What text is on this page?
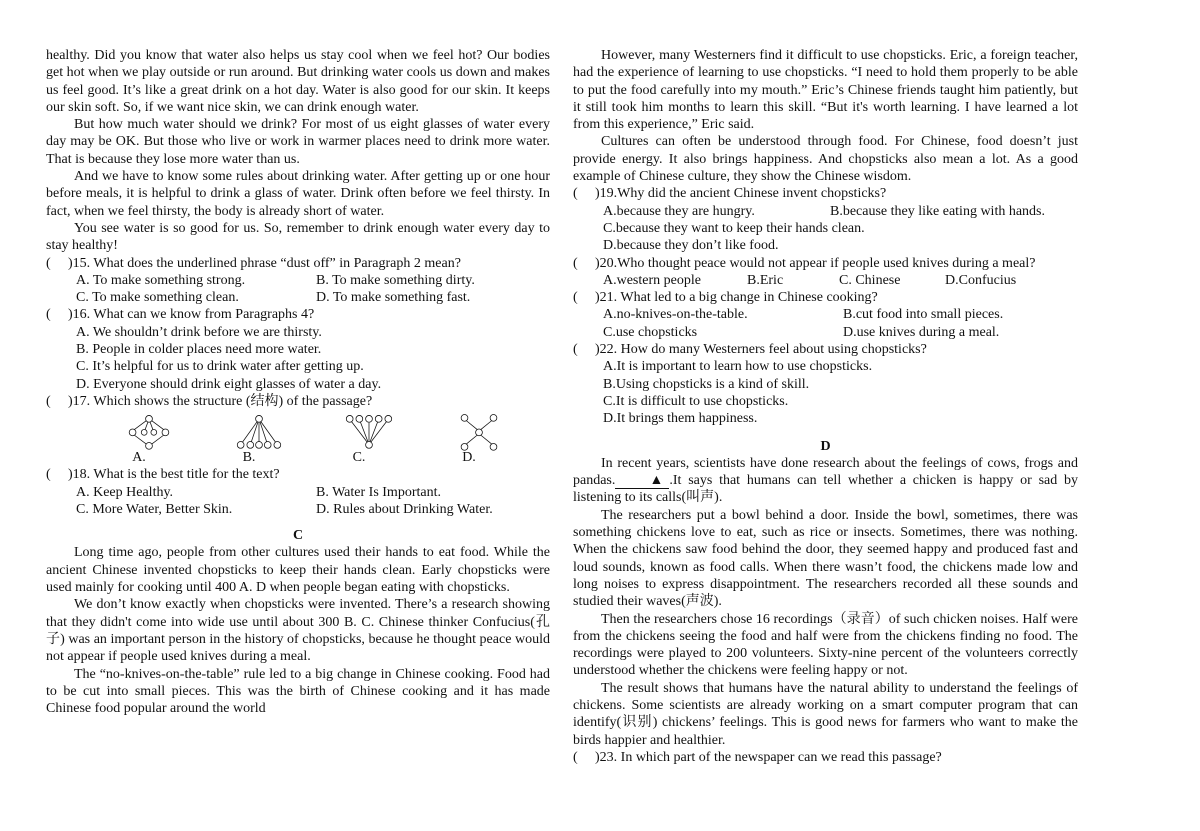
healthy. Did you know that water also helps us stay cool when we feel hot? Our bodies get hot when we play outside or run around. But drinking water cools us down and makes us feel good. It’s like a great drink on a hot day. Water is also good for our skin. It keeps our skin soft. So, if we want nice skin, we can drink enough water.

But how much water should we drink? For most of us eight glasses of water every day may be OK. But those who live or work in warmer places need to drink more water. That is because they lose more water than us.

And we have to know some rules about drinking water. After getting up or one hour before meals, it is helpful to drink a glass of water. Drink often before we feel thirsty. In fact, when we feel thirsty, the body is already short of water.

You see water is so good for us. So, remember to drink enough water every day to stay healthy!

( )15. What does the underlined phrase “dust off” in Paragraph 2 mean?

A. To make something strong.	B. To make something dirty.
C. To make something clean.	D. To make something fast.

( )16. What can we know from Paragraphs 4?

A. We shouldn’t drink before we are thirsty.

B. People in colder places need more water.

C. It’s helpful for us to drink water after getting up.

D. Everyone should drink eight glasses of water a day.

( )17. Which shows the structure (结构) of the passage?

A.	B.	C.	D.

( )18. What is the best title for the text?

A. Keep Healthy.	B. Water Is Important.
C. More Water, Better Skin.	D. Rules about Drinking Water.

C

Long time ago, people from other cultures used their hands to eat food. While the ancient Chinese invented chopsticks to keep their hands clean. Early chopsticks were used mainly for cooking until 400 A. D when people began eating with chopsticks.

We don’t know exactly when chopsticks were invented. There’s a research showing that they didn't come into wide use until about 300 B. C. Chinese thinker Confucius(孔子) was an important person in the history of chopsticks, because he thought peace would not appear if people used knives during a meal.

The “no-knives-on-the-table” rule led to a big change in Chinese cooking. Food had to be cut into small pieces. This was the birth of Chinese cooking and it has made Chinese food popular around the world

However, many Westerners find it difficult to use chopsticks. Eric, a foreign teacher, had the experience of learning to use chopsticks. “I need to hold them properly to be able to put the food carefully into my mouth.” Eric’s Chinese friends taught him patiently, but it still took him months to learn this skill. “But it's worth learning. I have learned a lot from this experience,” Eric said.

Cultures can often be understood through food. For Chinese, food doesn’t just provide energy. It also brings happiness. And chopsticks also mean a lot. As a good example of Chinese culture, they show the Chinese wisdom.

( )19.Why did the ancient Chinese invent chopsticks?

A.because they are hungry.	B.because they like eating with hands.

C.because they want to keep their hands clean.

D.because they don’t like food.

( )20.Who thought peace would not appear if people used knives during a meal?

A.western people	B.Eric	C. Chinese	D.Confucius

( )21. What led to a big change in Chinese cooking?

A.no-knives-on-the-table.	B.cut food into small pieces.
C.use chopsticks	D.use knives during a meal.

( )22. How do many Westerners feel about using chopsticks?

A.It is important to learn how to use chopsticks.

B.Using chopsticks is a kind of skill.

C.It is difficult to use chopsticks.

D.It brings them happiness.

D

In recent years, scientists have done research about the feelings of cows, frogs and pandas. ▲ .It says that humans can tell whether a chicken is happy or sad by listening to its calls(叫声).

The researchers put a bowl behind a door. Inside the bowl, sometimes, there was something chickens love to eat, such as rice or insects. Sometimes, there was nothing. When the chickens saw food behind the door, they seemed happy and produced fast and loud sounds, known as food calls. When there wasn’t food, the chickens made low and long noises to express disappointment. The researchers recorded all these sounds and studied their waves(声波).

Then the researchers chose 16 recordings（录音）of such chicken noises. Half were from the chickens seeing the food and half were from the chickens finding no food. The recordings were played to 200 volunteers. Sixty-nine percent of the volunteers correctly understood whether the chickens were feeling happy or not.

The result shows that humans have the natural ability to understand the feelings of chickens. Some scientists are already working on a smart computer program that can identify(识别) chickens’ feelings. This is good news for farmers who want to make the birds happier and healthier.

( )23. In which part of the newspaper can we read this passage?
